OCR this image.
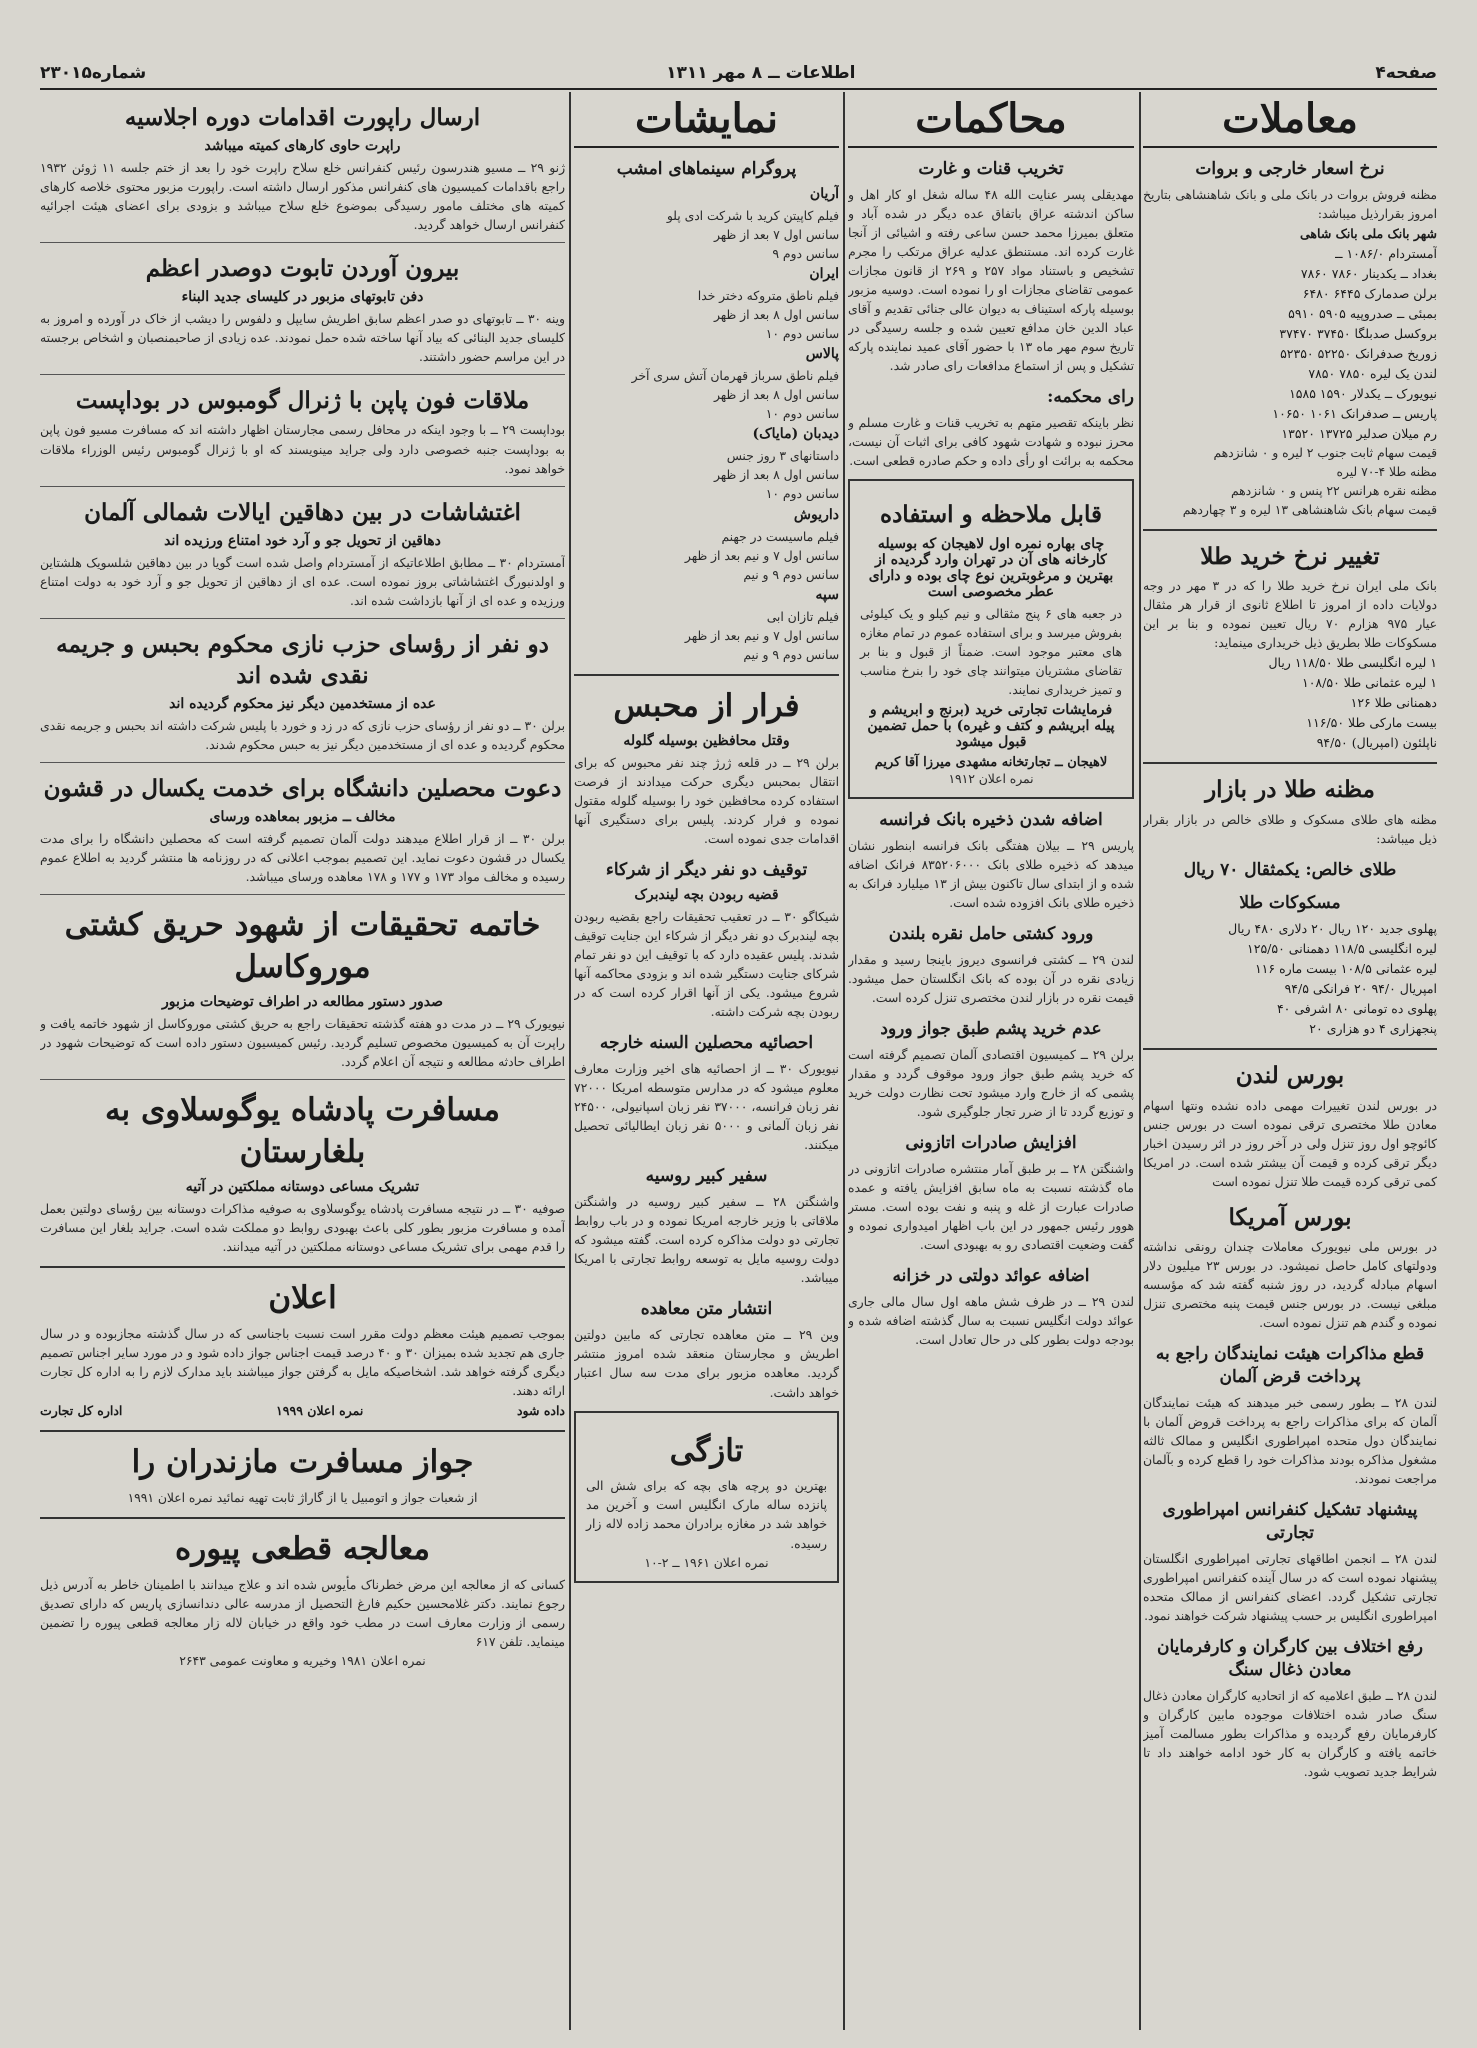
صفحه۴
اطلاعات ــ ۸ مهر ۱۳۱۱
شماره۲۳۰۱۵
معاملات
نرخ اسعار خارجی و بروات
مظنه فروش بروات در بانک ملی و بانک شاهنشاهی بتاریخ امروز بقرارذیل میباشد:
شهر بانک ملی بانک شاهی
آمستردام ۱۰۸۶/۰ ــ
بغداد ــ یکدینار ۷۸۶۰ ۷۸۶۰
برلن صدمارک ۶۴۴۵ ۶۴۸۰
بمبئی ــ صدروپیه ۵۹۰۵ ۵۹۱۰
بروکسل صدبلگا ۳۷۴۵۰ ۳۷۴۷۰
زوریخ صدفرانک ۵۲۲۵۰ ۵۲۳۵۰
لندن یک لیره ۷۸۵۰ ۷۸۵۰
نیویورک ــ یکدلار ۱۵۹۰ ۱۵۸۵
پاریس ــ صدفرانک ۱۰۶۱ ۱۰۶۵۰
رم میلان صدلیر ۱۳۷۲۵ ۱۳۵۲۰
قیمت سهام ثابت جنوب ۲ لیره و ۰ شانزدهم
مظنه طلا ۴-۷۰ لیره
مظنه نقره هرانس ۲۲ پنس و ۰ شانزدهم
قیمت سهام بانک شاهنشاهی ۱۳ لیره و ۳ چهاردهم
تغییر نرخ خرید طلا
بانک ملی ایران نرخ خرید طلا را که در ۳ مهر در وجه دولایات داده از امروز تا اطلاع ثانوی از قرار هر مثقال عیار ۹۷۵ هزارم ۷۰ ریال تعیین نموده و بنا بر این مسکوکات طلا بطریق ذیل خریداری مینماید:
۱ لیره انگلیسی طلا ۱۱۸/۵۰ ریال
۱ لیره عثمانی طلا ۱۰۸/۵۰
دهمنانی طلا ۱۲۶
بیست مارکی طلا ۱۱۶/۵۰
ناپلئون (امپریال) ۹۴/۵۰
مظنه طلا در بازار
مظنه های طلای مسکوک و طلای خالص در بازار بقرار ذیل میباشد:
طلای خالص: یکمثقال ۷۰ ریال
مسکوکات طلا
پهلوی جدید ۱۲۰ ریال ۲۰ دلاری ۴۸۰ ریال
لیره انگلیسی ۱۱۸/۵ دهمنانی ۱۲۵/۵۰
لیره عثمانی ۱۰۸/۵ بیست ماره ۱۱۶
امپریال ۹۴/۰ ۲۰ فرانکی ۹۴/۵
پهلوی ده تومانی ۸۰ اشرفی ۴۰
پنجهزاری ۴ دو هزاری ۲۰
بورس لندن
در بورس لندن تغییرات مهمی داده نشده ونتها اسهام معادن طلا مختصری ترقی نموده است در بورس جنس کائوچو اول روز تنزل ولی در آخر روز در اثر رسیدن اخبار دیگر ترقی کرده و قیمت آن بیشتر شده است. در امریکا کمی ترقی کرده قیمت طلا تنزل نموده است
بورس آمریکا
در بورس ملی نیویورک معاملات چندان رونقی نداشته ودولتهای کامل حاصل نمیشود. در بورس ۲۳ میلیون دلار اسهام مبادله گردید، در روز شنبه گفته شد که مؤسسه مبلغی نیست. در بورس جنس قیمت پنبه مختصری تنزل نموده و گندم هم تنزل نموده است.
قطع مذاکرات هیئت نمایندگان راجع به پرداخت قرض آلمان
لندن ۲۸ ــ بطور رسمی خبر میدهند که هیئت نمایندگان آلمان که برای مذاکرات راجع به پرداخت قروض آلمان با نمایندگان دول متحده امپراطوری انگلیس و ممالک ثالثه مشغول مذاکره بودند مذاکرات خود را قطع کرده و بآلمان مراجعت نمودند.
پیشنهاد تشکیل کنفرانس امپراطوری تجارتی
لندن ۲۸ ــ انجمن اطاقهای تجارتی امپراطوری انگلستان پیشنهاد نموده است که در سال آینده کنفرانس امپراطوری تجارتی تشکیل گردد. اعضای کنفرانس از ممالک متحده امپراطوری انگلیس بر حسب پیشنهاد شرکت خواهند نمود.
رفع اختلاف بین کارگران و کارفرمایان معادن ذغال سنگ
لندن ۲۸ ــ طبق اعلامیه که از اتحادیه کارگران معادن ذغال سنگ صادر شده اختلافات موجوده مابین کارگران و کارفرمایان رفع گردیده و مذاکرات بطور مسالمت آمیز خاتمه یافته و کارگران به کار خود ادامه خواهند داد تا شرایط جدید تصویب شود.
محاکمات
تخریب قنات و غارت
مهدیقلی پسر عنایت الله ۴۸ ساله شغل او کار اهل و ساکن اندشته عراق باتفاق عده دیگر در شده آباد و متعلق بمیرزا محمد حسن ساعی رفته و اشیائی از آنجا غارت کرده اند. مستنطق عدلیه عراق مرتکب را مجرم تشخیص و باستناد مواد ۲۵۷ و ۲۶۹ از قانون مجازات عمومی تقاضای مجازات او را نموده است. دوسیه مزبور بوسیله پارکه استیناف به دیوان عالی جنائی تقدیم و آقای عباد الدین خان مدافع تعیین شده و جلسه رسیدگی در تاریخ سوم مهر ماه ۱۳ با حضور آقای عمید نماینده پارکه تشکیل و پس از استماع مدافعات رای صادر شد.
رای محکمه:
نظر باینکه تقصیر متهم به تخریب قنات و غارت مسلم و محرز نبوده و شهادت شهود کافی برای اثبات آن نیست، محکمه به برائت او رأی داده و حکم صادره قطعی است.
قابل ملاحظه و استفاده
چای بهاره نمره اول لاهیجان که بوسیله کارخانه های آن در تهران وارد گردیده از بهترین و مرغوبترین نوع چای بوده و دارای عطر مخصوصی است
در جعبه های ۶ پنج مثقالی و نیم کیلو و یک کیلوئی بفروش میرسد و برای استفاده عموم در تمام مغازه های معتبر موجود است. ضمناً از قبول و بنا بر تقاضای مشتریان میتوانند چای خود را بنرخ مناسب و تمیز خریداری نمایند.
فرمایشات تجارتی خرید (برنج و ابریشم و پیله ابریشم و کتف و غیره) با حمل تضمین قبول میشود
لاهیجان ــ تجارتخانه مشهدی میرزا آقا کریم
نمره اعلان ۱۹۱۲
اضافه شدن ذخیره بانک فرانسه
پاریس ۲۹ ــ بیلان هفتگی بانک فرانسه ابنطور نشان میدهد که ذخیره طلای بانک ۸۳۵۲۰۶۰۰۰ فرانک اضافه شده و از ابتدای سال تاکنون بیش از ۱۳ میلیارد فرانک به ذخیره طلای بانک افزوده شده است.
ورود کشتی حامل نقره بلندن
لندن ۲۹ ــ کشتی فرانسوی دیروز باینجا رسید و مقدار زیادی نقره در آن بوده که بانک انگلستان حمل میشود. قیمت نقره در بازار لندن مختصری تنزل کرده است.
عدم خرید پشم طبق جواز ورود
برلن ۲۹ ــ کمیسیون اقتصادی آلمان تصمیم گرفته است که خرید پشم طبق جواز ورود موقوف گردد و مقدار پشمی که از خارج وارد میشود تحت نظارت دولت خرید و توزیع گردد تا از ضرر تجار جلوگیری شود.
افزایش صادرات اتازونی
واشنگتن ۲۸ ــ بر طبق آمار منتشره صادرات اتازونی در ماه گذشته نسبت به ماه سابق افزایش یافته و عمده صادرات عبارت از غله و پنبه و نفت بوده است. مستر هوور رئیس جمهور در این باب اظهار امیدواری نموده و گفت وضعیت اقتصادی رو به بهبودی است.
اضافه عوائد دولتی در خزانه
لندن ۲۹ ــ در ظرف شش ماهه اول سال مالی جاری عوائد دولت انگلیس نسبت به سال گذشته اضافه شده و بودجه دولت بطور کلی در حال تعادل است.
نمایشات
پروگرام سینماهای امشب
آریان
فیلم کاپیتن کرید با شرکت ادی پلو
سانس اول ۷ بعد از ظهر
سانس دوم ۹
ایران
فیلم ناطق متروکه دختر خدا
سانس اول ۸ بعد از ظهر
سانس دوم ۱۰
پالاس
فیلم ناطق سرباز قهرمان آتش سری آخر
سانس اول ۸ بعد از ظهر
سانس دوم ۱۰
دیدبان (مایاک)
داستانهای ۳ روز جنس
سانس اول ۸ بعد از ظهر
سانس دوم ۱۰
داریوش
فیلم ماسیست در جهنم
سانس اول ۷ و نیم بعد از ظهر
سانس دوم ۹ و نیم
سپه
فیلم تازان ابی
سانس اول ۷ و نیم بعد از ظهر
سانس دوم ۹ و نیم
فرار از محبس
وقتل محافظین بوسیله گلوله
برلن ۲۹ ــ در قلعه ژرژ چند نفر محبوس که برای انتقال بمحبس دیگری حرکت میدادند از فرصت استفاده کرده محافظین خود را بوسیله گلوله مقتول نموده و فرار کردند. پلیس برای دستگیری آنها اقدامات جدی نموده است.
توقیف دو نفر دیگر از شرکاء
قضیه ربودن بچه لیندبرک
شیکاگو ۳۰ ــ در تعقیب تحقیقات راجع بقضیه ربودن بچه لیندبرک دو نفر دیگر از شرکاء این جنایت توقیف شدند. پلیس عقیده دارد که با توقیف این دو نفر تمام شرکای جنایت دستگیر شده اند و بزودی محاکمه آنها شروع میشود. یکی از آنها اقرار کرده است که در ربودن بچه شرکت داشته.
احصائیه محصلین السنه خارجه
نیویورک ۳۰ ــ از احصائیه های اخیر وزارت معارف معلوم میشود که در مدارس متوسطه امریکا ۷۲۰۰۰ نفر زبان فرانسه، ۳۷۰۰۰ نفر زبان اسپانیولی، ۲۴۵۰۰ نفر زبان آلمانی و ۵۰۰۰ نفر زبان ایطالیائی تحصیل میکنند.
سفیر کبیر روسیه
واشنگتن ۲۸ ــ سفیر کبیر روسیه در واشنگتن ملاقاتی با وزیر خارجه امریکا نموده و در باب روابط تجارتی دو دولت مذاکره کرده است. گفته میشود که دولت روسیه مایل به توسعه روابط تجارتی با امریکا میباشد.
انتشار متن معاهده
وین ۲۹ ــ متن معاهده تجارتی که مابین دولتین اطریش و مجارستان منعقد شده امروز منتشر گردید. معاهده مزبور برای مدت سه سال اعتبار خواهد داشت.
تازگی
بهترین دو پرچه های بچه که برای شش الی پانزده ساله مارک انگلیس است و آخرین مد خواهد شد در مغازه برادران محمد زاده لاله زار رسیده.
نمره اعلان ۱۹۶۱ ــ ۲-۱۰
ارسال راپورت اقدامات دوره اجلاسیه
راپرت حاوی کارهای کمیته میباشد
ژنو ۲۹ ــ مسیو هندرسون رئیس کنفرانس خلع سلاح راپرت خود را بعد از ختم جلسه ۱۱ ژوئن ۱۹۳۲ راجع باقدامات کمیسیون های کنفرانس مذکور ارسال داشته است. راپورت مزبور محتوی خلاصه کارهای کمیته های مختلف مامور رسیدگی بموضوع خلع سلاح میباشد و بزودی برای اعضای هیئت اجرائیه کنفرانس ارسال خواهد گردید.
بیرون آوردن تابوت دوصدر اعظم
دفن تابوتهای مزبور در کلیسای جدید البناء
وینه ۳۰ ــ تابوتهای دو صدر اعظم سابق اطریش سایپل و دلفوس را دیشب از خاک در آورده و امروز به کلیسای جدید البنائی که بیاد آنها ساخته شده حمل نمودند. عده زیادی از صاحبمنصبان و اشخاص برجسته در این مراسم حضور داشتند.
ملاقات فون پاپن با ژنرال گومبوس در بوداپست
بوداپست ۲۹ ــ با وجود اینکه در محافل رسمی مجارستان اظهار داشته اند که مسافرت مسیو فون پاپن به بوداپست جنبه خصوصی دارد ولی جراید مینویسند که او با ژنرال گومبوس رئیس الوزراء ملاقات خواهد نمود.
اغتشاشات در بین دهاقین ایالات شمالی آلمان
دهاقین از تحویل جو و آرد خود امتناع ورزیده اند
آمستردام ۳۰ ــ مطابق اطلاعاتیکه از آمستردام واصل شده است گویا در بین دهاقین شلسویک هلشتاین و اولدنبورگ اغتشاشاتی بروز نموده است. عده ای از دهاقین از تحویل جو و آرد خود به دولت امتناع ورزیده و عده ای از آنها بازداشت شده اند.
دو نفر از رؤسای حزب نازی محکوم بحبس و جریمه نقدی شده اند
عده از مستخدمین دیگر نیز محکوم گردیده اند
برلن ۳۰ ــ دو نفر از رؤسای حزب نازی که در زد و خورد با پلیس شرکت داشته اند بحبس و جریمه نقدی محکوم گردیده و عده ای از مستخدمین دیگر نیز به حبس محکوم شدند.
دعوت محصلین دانشگاه برای خدمت یکسال در قشون
مخالف ــ مزبور بمعاهده ورسای
برلن ۳۰ ــ از قرار اطلاع میدهند دولت آلمان تصمیم گرفته است که محصلین دانشگاه را برای مدت یکسال در قشون دعوت نماید. این تصمیم بموجب اعلانی که در روزنامه ها منتشر گردید به اطلاع عموم رسیده و مخالف مواد ۱۷۳ و ۱۷۷ و ۱۷۸ معاهده ورسای میباشد.
خاتمه تحقیقات از شهود حریق کشتی موروکاسل
صدور دستور مطالعه در اطراف توضیحات مزبور
نیویورک ۲۹ ــ در مدت دو هفته گذشته تحقیقات راجع به حریق کشتی موروکاسل از شهود خاتمه یافت و راپرت آن به کمیسیون مخصوص تسلیم گردید. رئیس کمیسیون دستور داده است که توضیحات شهود در اطراف حادثه مطالعه و نتیجه آن اعلام گردد.
مسافرت پادشاه یوگوسلاوی به بلغارستان
تشریک مساعی دوستانه مملکتین در آتیه
صوفیه ۳۰ ــ در نتیجه مسافرت پادشاه یوگوسلاوی به صوفیه مذاکرات دوستانه بین رؤسای دولتین بعمل آمده و مسافرت مزبور بطور کلی باعث بهبودی روابط دو مملکت شده است. جراید بلغار این مسافرت را قدم مهمی برای تشریک مساعی دوستانه مملکتین در آتیه میدانند.
اعلان
بموجب تصمیم هیئت معظم دولت مقرر است نسبت باجناسی که در سال گذشته مجازبوده و در سال جاری هم تجدید شده بمیزان ۳۰ و ۴۰ درصد قیمت اجناس جواز داده شود و در مورد سایر اجناس تصمیم دیگری گرفته خواهد شد. اشخاصیکه مایل به گرفتن جواز میباشند باید مدارک لازم را به اداره کل تجارت ارائه دهند.
داده شود
نمره اعلان ۱۹۹۹
اداره کل تجارت
جواز مسافرت مازندران را
از شعبات جواز و اتومبیل یا از گاراژ ثابت تهیه نمائید نمره اعلان ۱۹۹۱
معالجه قطعی پیوره
کسانی که از معالجه این مرض خطرناک مأیوس شده اند و علاج میدانند با اطمینان خاطر به آدرس ذیل رجوع نمایند. دکتر غلامحسین حکیم فارغ التحصیل از مدرسه عالی دندانسازی پاریس که دارای تصدیق رسمی از وزارت معارف است در مطب خود واقع در خیابان لاله زار معالجه قطعی پیوره را تضمین مینماید. تلفن ۶۱۷
نمره اعلان ۱۹۸۱ وخیریه و معاونت عمومی ۲۶۴۳
